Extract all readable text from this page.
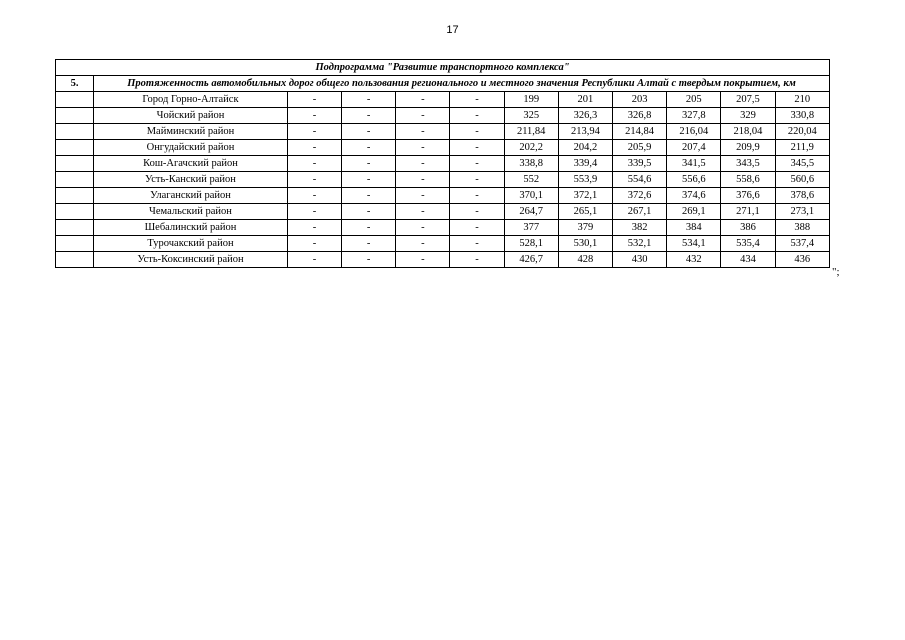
17
Подпрограмма "Развитие транспортного комплекса"											
5.	Протяженность автомобильных дорог общего пользования регионального и местного значения Республики Алтай с твердым покрытием, км										
	Город Горно-Алтайск	-	-	-	-	199	201	203	205	207,5	210
	Чойский район	-	-	-	-	325	326,3	326,8	327,8	329	330,8
	Майминский район	-	-	-	-	211,84	213,94	214,84	216,04	218,04	220,04
	Онгудайский район	-	-	-	-	202,2	204,2	205,9	207,4	209,9	211,9
	Кош-Агачский район	-	-	-	-	338,8	339,4	339,5	341,5	343,5	345,5
	Усть-Канский район	-	-	-	-	552	553,9	554,6	556,6	558,6	560,6
	Улаганский район	-	-	-	-	370,1	372,1	372,6	374,6	376,6	378,6
	Чемальский район	-	-	-	-	264,7	265,1	267,1	269,1	271,1	273,1
	Шебалинский район	-	-	-	-	377	379	382	384	386	388
	Турочакский район	-	-	-	-	528,1	530,1	532,1	534,1	535,4	537,4
	Усть-Коксинский район	-	-	-	-	426,7	428	430	432	434	436
";
